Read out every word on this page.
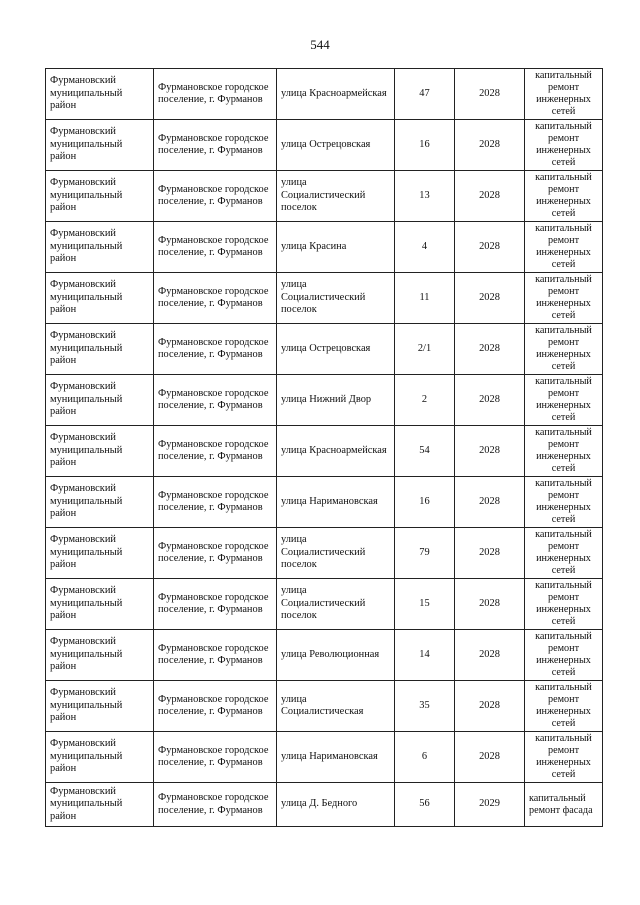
544
Фурмановский муниципальный район	Фурмановское городское поселение, г. Фурманов	улица Красноармейская	47	2028	капитальный ремонт инженерных сетей
Фурмановский муниципальный район	Фурмановское городское поселение, г. Фурманов	улица Острецовская	16	2028	капитальный ремонт инженерных сетей
Фурмановский муниципальный район	Фурмановское городское поселение, г. Фурманов	улица Социалистический поселок	13	2028	капитальный ремонт инженерных сетей
Фурмановский муниципальный район	Фурмановское городское поселение, г. Фурманов	улица Красина	4	2028	капитальный ремонт инженерных сетей
Фурмановский муниципальный район	Фурмановское городское поселение, г. Фурманов	улица Социалистический поселок	11	2028	капитальный ремонт инженерных сетей
Фурмановский муниципальный район	Фурмановское городское поселение, г. Фурманов	улица Острецовская	2/1	2028	капитальный ремонт инженерных сетей
Фурмановский муниципальный район	Фурмановское городское поселение, г. Фурманов	улица Нижний Двор	2	2028	капитальный ремонт инженерных сетей
Фурмановский муниципальный район	Фурмановское городское поселение, г. Фурманов	улица Красноармейская	54	2028	капитальный ремонт инженерных сетей
Фурмановский муниципальный район	Фурмановское городское поселение, г. Фурманов	улица Наримановская	16	2028	капитальный ремонт инженерных сетей
Фурмановский муниципальный район	Фурмановское городское поселение, г. Фурманов	улица Социалистический поселок	79	2028	капитальный ремонт инженерных сетей
Фурмановский муниципальный район	Фурмановское городское поселение, г. Фурманов	улица Социалистический поселок	15	2028	капитальный ремонт инженерных сетей
Фурмановский муниципальный район	Фурмановское городское поселение, г. Фурманов	улица Революционная	14	2028	капитальный ремонт инженерных сетей
Фурмановский муниципальный район	Фурмановское городское поселение, г. Фурманов	улица Социалистическая	35	2028	капитальный ремонт инженерных сетей
Фурмановский муниципальный район	Фурмановское городское поселение, г. Фурманов	улица Наримановская	6	2028	капитальный ремонт инженерных сетей
Фурмановский муниципальный район	Фурмановское городское поселение, г. Фурманов	улица Д. Бедного	56	2029	капитальный ремонт фасада
